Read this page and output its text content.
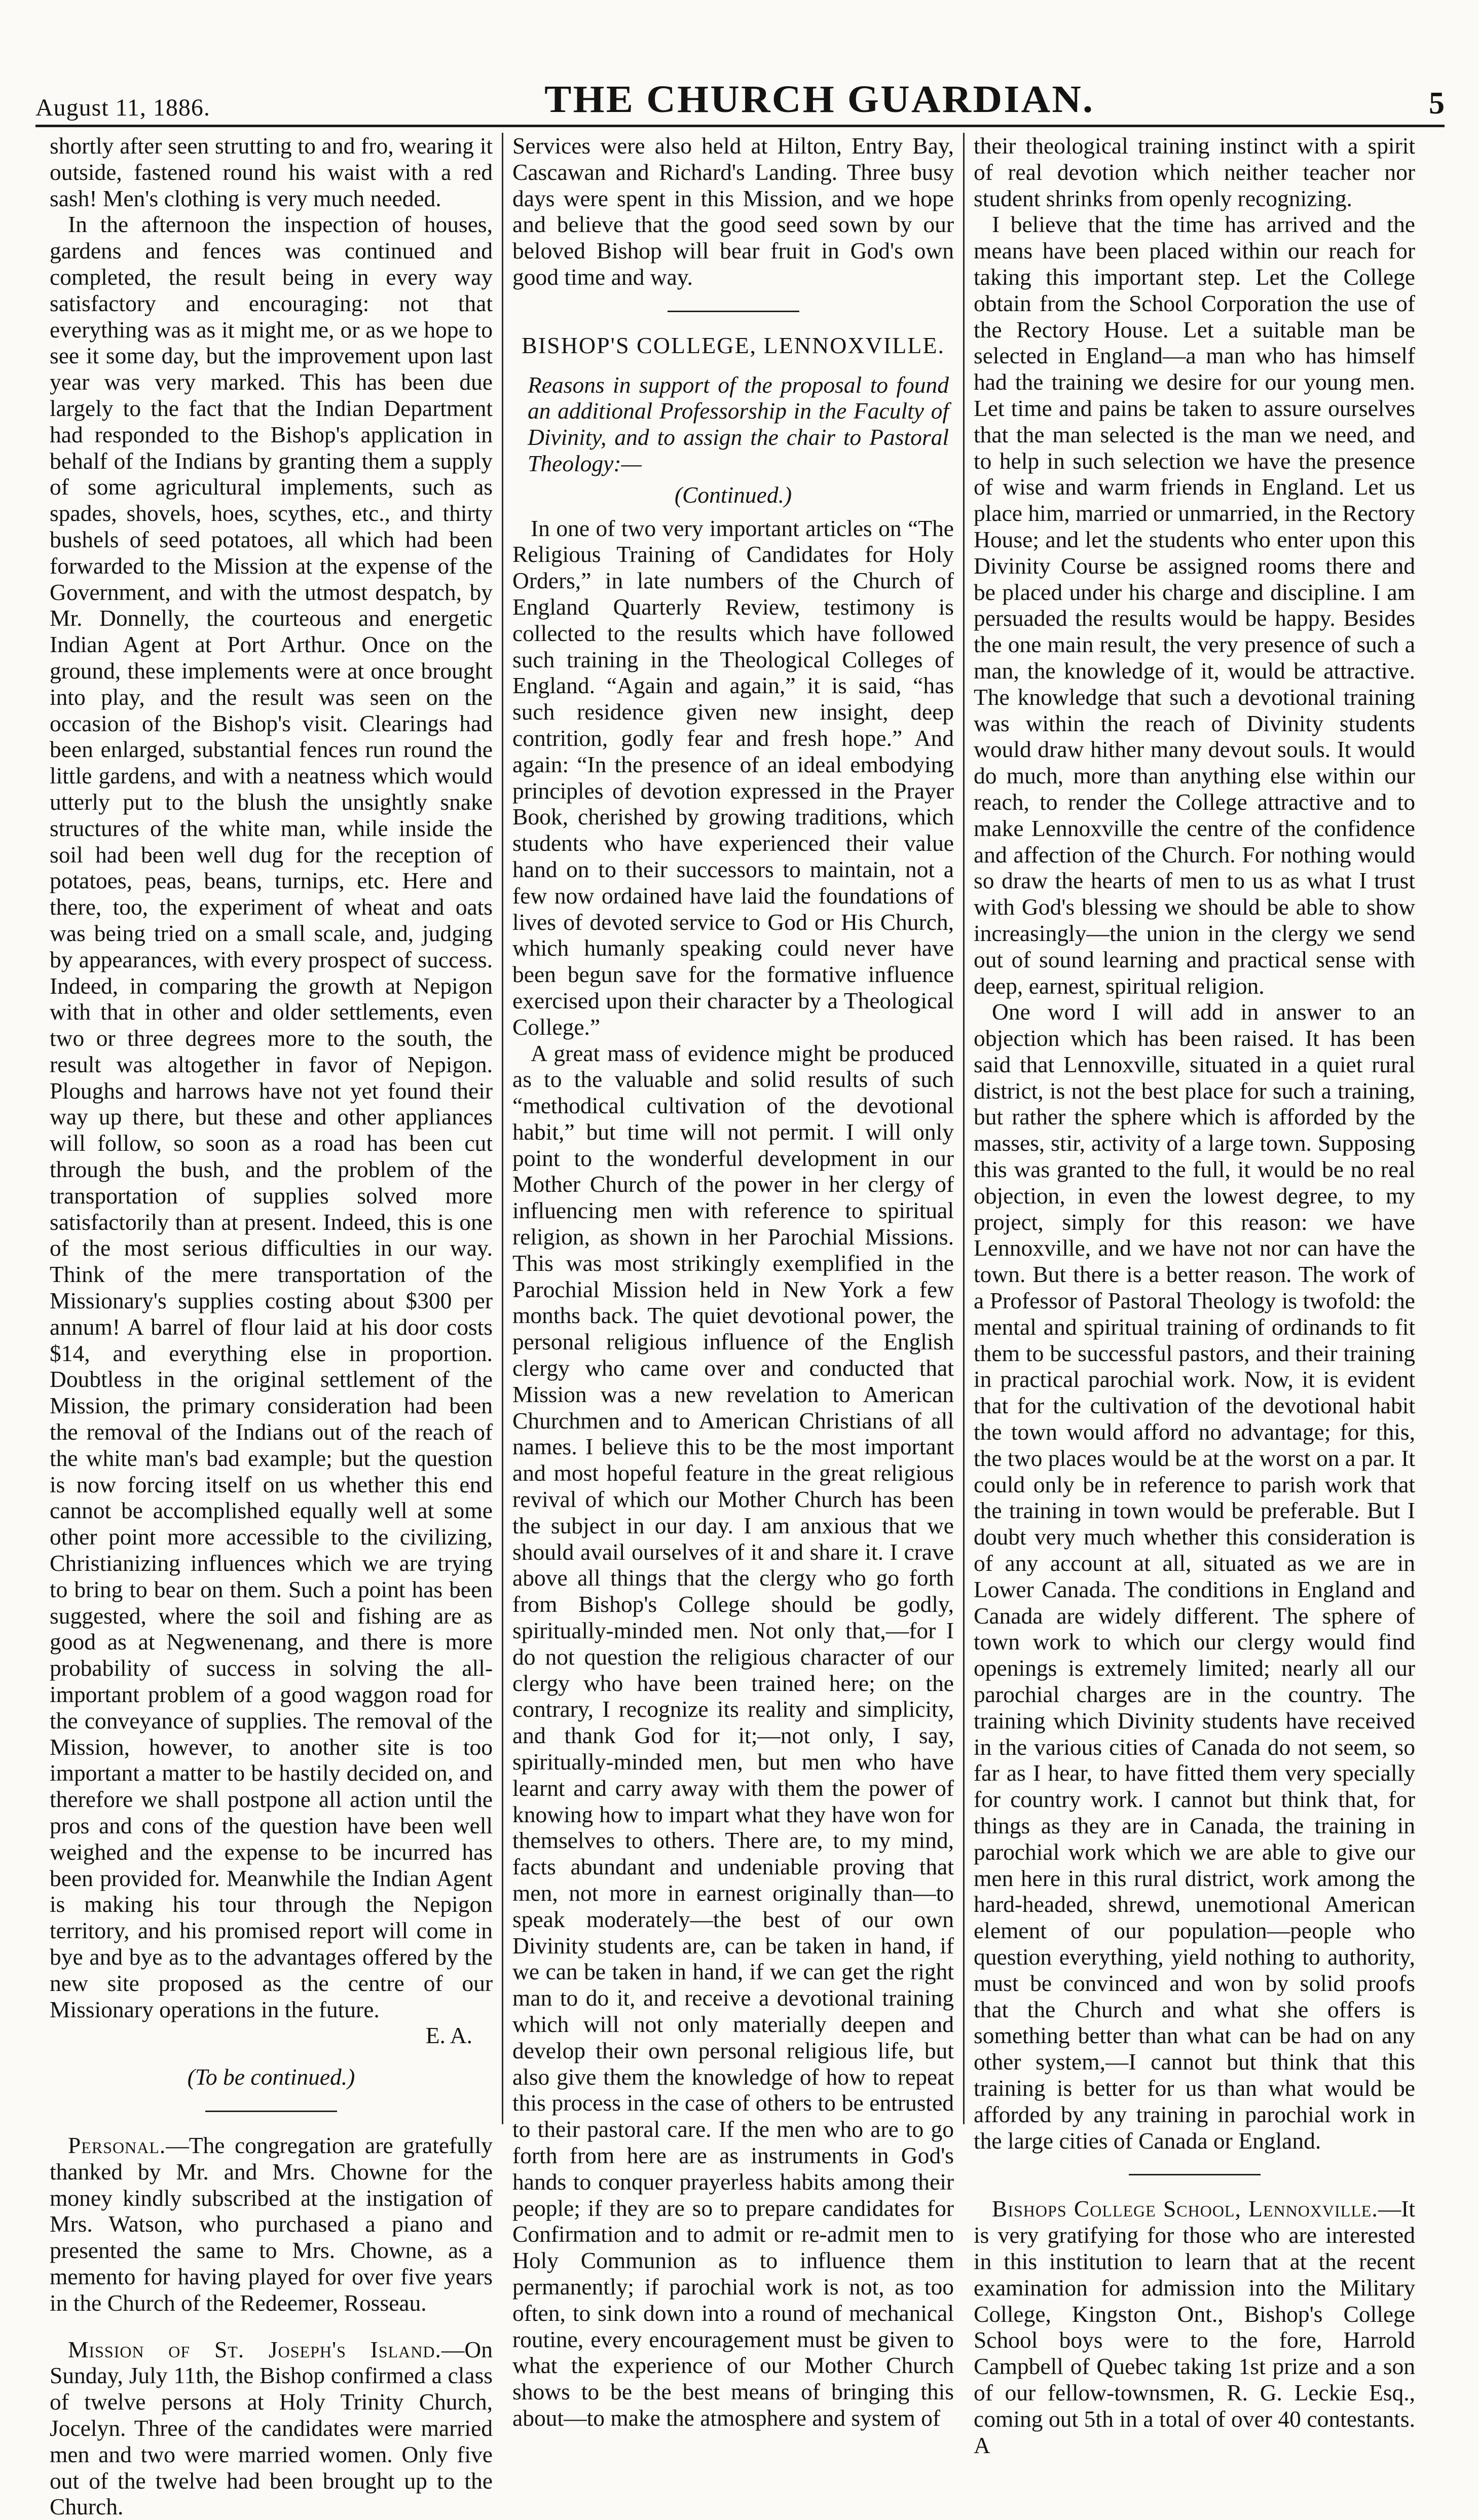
August 11, 1886.	THE CHURCH GUARDIAN.	5

shortly after seen strutting to and fro, wearing it outside, fastened round his waist with a red sash! Men's clothing is very much needed.

In the afternoon the inspection of houses, gardens and fences was continued and completed, the result being in every way satisfactory and encouraging: not that everything was as it might me, or as we hope to see it some day, but the improvement upon last year was very marked. This has been due largely to the fact that the Indian Department had responded to the Bishop's application in behalf of the Indians by granting them a supply of some agricultural implements, such as spades, shovels, hoes, scythes, etc., and thirty bushels of seed potatoes, all which had been forwarded to the Mission at the expense of the Government, and with the utmost despatch, by Mr. Donnelly, the courteous and energetic Indian Agent at Port Arthur. Once on the ground, these implements were at once brought into play, and the result was seen on the occasion of the Bishop's visit. Clearings had been enlarged, substantial fences run round the little gardens, and with a neatness which would utterly put to the blush the unsightly snake structures of the white man, while inside the soil had been well dug for the reception of potatoes, peas, beans, turnips, etc. Here and there, too, the experiment of wheat and oats was being tried on a small scale, and, judging by appearances, with every prospect of success. Indeed, in comparing the growth at Nepigon with that in other and older settlements, even two or three degrees more to the south, the result was altogether in favor of Nepigon. Ploughs and harrows have not yet found their way up there, but these and other appliances will follow, so soon as a road has been cut through the bush, and the problem of the transportation of supplies solved more satisfactorily than at present. Indeed, this is one of the most serious difficulties in our way. Think of the mere transportation of the Missionary's supplies costing about $300 per annum! A barrel of flour laid at his door costs $14, and everything else in proportion. Doubtless in the original settlement of the Mission, the primary consideration had been the removal of the Indians out of the reach of the white man's bad example; but the question is now forcing itself on us whether this end cannot be accomplished equally well at some other point more accessible to the civilizing, Christianizing influences which we are trying to bring to bear on them. Such a point has been suggested, where the soil and fishing are as good as at Negwenenang, and there is more probability of success in solving the all-important problem of a good waggon road for the conveyance of supplies. The removal of the Mission, however, to another site is too important a matter to be hastily decided on, and therefore we shall postpone all action until the pros and cons of the question have been well weighed and the expense to be incurred has been provided for. Meanwhile the Indian Agent is making his tour through the Nepigon territory, and his promised report will come in bye and bye as to the advantages offered by the new site proposed as the centre of our Missionary operations in the future.

E. A.

(To be continued.)

Personal.—The congregation are gratefully thanked by Mr. and Mrs. Chowne for the money kindly subscribed at the instigation of Mrs. Watson, who purchased a piano and presented the same to Mrs. Chowne, as a memento for having played for over five years in the Church of the Redeemer, Rosseau.

Mission of St. Joseph's Island.—On Sunday, July 11th, the Bishop confirmed a class of twelve persons at Holy Trinity Church, Jocelyn. Three of the candidates were married men and two were married women. Only five out of the twelve had been brought up to the Church.

Services were also held at Hilton, Entry Bay, Cascawan and Richard's Landing. Three busy days were spent in this Mission, and we hope and believe that the good seed sown by our beloved Bishop will bear fruit in God's own good time and way.

BISHOP'S COLLEGE, LENNOXVILLE.

Reasons in support of the proposal to found an additional Professorship in the Faculty of Divinity, and to assign the chair to Pastoral Theology:—

(Continued.)

In one of two very important articles on “The Religious Training of Candidates for Holy Orders,” in late numbers of the Church of England Quarterly Review, testimony is collected to the results which have followed such training in the Theological Colleges of England. “Again and again,” it is said, “has such residence given new insight, deep contrition, godly fear and fresh hope.” And again: “In the presence of an ideal embodying principles of devotion expressed in the Prayer Book, cherished by growing traditions, which students who have experienced their value hand on to their successors to maintain, not a few now ordained have laid the foundations of lives of devoted service to God or His Church, which humanly speaking could never have been begun save for the formative influence exercised upon their character by a Theological College.”

A great mass of evidence might be produced as to the valuable and solid results of such “methodical cultivation of the devotional habit,” but time will not permit. I will only point to the wonderful development in our Mother Church of the power in her clergy of influencing men with reference to spiritual religion, as shown in her Parochial Missions. This was most strikingly exemplified in the Parochial Mission held in New York a few months back. The quiet devotional power, the personal religious influence of the English clergy who came over and conducted that Mission was a new revelation to American Churchmen and to American Christians of all names. I believe this to be the most important and most hopeful feature in the great religious revival of which our Mother Church has been the subject in our day. I am anxious that we should avail ourselves of it and share it. I crave above all things that the clergy who go forth from Bishop's College should be godly, spiritually-minded men. Not only that,—for I do not question the religious character of our clergy who have been trained here; on the contrary, I recognize its reality and simplicity, and thank God for it;—not only, I say, spiritually-minded men, but men who have learnt and carry away with them the power of knowing how to impart what they have won for themselves to others. There are, to my mind, facts abundant and undeniable proving that men, not more in earnest originally than—to speak moderately—the best of our own Divinity students are, can be taken in hand, if we can be taken in hand, if we can get the right man to do it, and receive a devotional training which will not only materially deepen and develop their own personal religious life, but also give them the knowledge of how to repeat this process in the case of others to be entrusted to their pastoral care. If the men who are to go forth from here are as instruments in God's hands to conquer prayerless habits among their people; if they are so to prepare candidates for Confirmation and to admit or re-admit men to Holy Communion as to influence them permanently; if parochial work is not, as too often, to sink down into a round of mechanical routine, every encouragement must be given to what the experience of our Mother Church shows to be the best means of bringing this about—to make the atmosphere and system of

their theological training instinct with a spirit of real devotion which neither teacher nor student shrinks from openly recognizing.

I believe that the time has arrived and the means have been placed within our reach for taking this important step. Let the College obtain from the School Corporation the use of the Rectory House. Let a suitable man be selected in England—a man who has himself had the training we desire for our young men. Let time and pains be taken to assure ourselves that the man selected is the man we need, and to help in such selection we have the presence of wise and warm friends in England. Let us place him, married or unmarried, in the Rectory House; and let the students who enter upon this Divinity Course be assigned rooms there and be placed under his charge and discipline. I am persuaded the results would be happy. Besides the one main result, the very presence of such a man, the knowledge of it, would be attractive. The knowledge that such a devotional training was within the reach of Divinity students would draw hither many devout souls. It would do much, more than anything else within our reach, to render the College attractive and to make Lennoxville the centre of the confidence and affection of the Church. For nothing would so draw the hearts of men to us as what I trust with God's blessing we should be able to show increasingly—the union in the clergy we send out of sound learning and practical sense with deep, earnest, spiritual religion.

One word I will add in answer to an objection which has been raised. It has been said that Lennoxville, situated in a quiet rural district, is not the best place for such a training, but rather the sphere which is afforded by the masses, stir, activity of a large town. Supposing this was granted to the full, it would be no real objection, in even the lowest degree, to my project, simply for this reason: we have Lennoxville, and we have not nor can have the town. But there is a better reason. The work of a Professor of Pastoral Theology is twofold: the mental and spiritual training of ordinands to fit them to be successful pastors, and their training in practical parochial work. Now, it is evident that for the cultivation of the devotional habit the town would afford no advantage; for this, the two places would be at the worst on a par. It could only be in reference to parish work that the training in town would be preferable. But I doubt very much whether this consideration is of any account at all, situated as we are in Lower Canada. The conditions in England and Canada are widely different. The sphere of town work to which our clergy would find openings is extremely limited; nearly all our parochial charges are in the country. The training which Divinity students have received in the various cities of Canada do not seem, so far as I hear, to have fitted them very specially for country work. I cannot but think that, for things as they are in Canada, the training in parochial work which we are able to give our men here in this rural district, work among the hard-headed, shrewd, unemotional American element of our population—people who question everything, yield nothing to authority, must be convinced and won by solid proofs that the Church and what she offers is something better than what can be had on any other system,—I cannot but think that this training is better for us than what would be afforded by any training in parochial work in the large cities of Canada or England.

Bishops College School, Lennoxville.—It is very gratifying for those who are interested in this institution to learn that at the recent examination for admission into the Military College, Kingston Ont., Bishop's College School boys were to the fore, Harrold Campbell of Quebec taking 1st prize and a son of our fellow-townsmen, R. G. Leckie Esq., coming out 5th in a total of over 40 contestants. A
